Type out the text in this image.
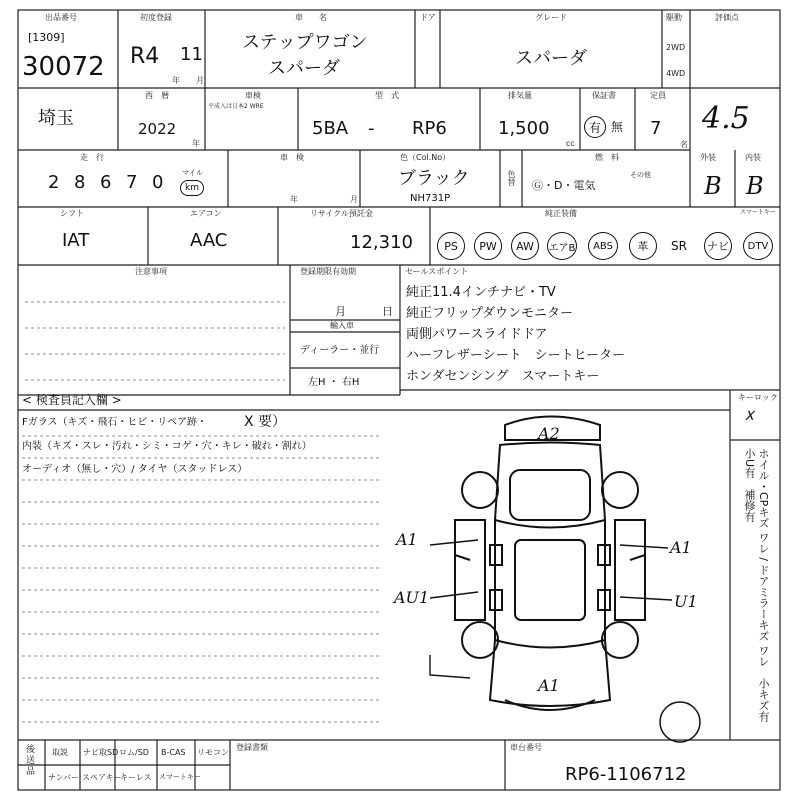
出品番号
[1309]
30072
初度登録
R4 11
年 月
車　　名
ステップワゴン
スパーダ
ドア	グレード
スパーダ
駆動
2WD
4WD
評価点
4.5
埼玉
西　暦
2022
年
車検
平成入は日本2 WRE
型　式
5BA - RP6
排気量
1,500
cc
保証書
有 無
定員
7
名
走　行
2 8 6 7 0	マイル
km
車　検
年	月
色（Col.No）
ブラック
NH731P
色替
燃　料
Ⓖ・D・電気
その他
外装
B
内装
B
シフト
IAT
エアコン
AAC
リサイクル預託金
12,310
純正装備	スマートキー
PS	PW	AW	エアB	ABS	革	SR ナビ	DTV
注意事項	登録期限有効期
月	日
輸入車
ディーラー・並行
左H ・ 右H
セールスポイント
純正11.4インチナビ・TV
純正フリップダウンモニター
両側パワースライドドア
ハーフレザーシート　シートヒーター
ホンダセンシング　スマートキー
< 検査員記入欄 >
Fガラス（キズ・飛石・ヒビ・リペア跡・	X 要）
内装（キズ・スレ・汚れ・シミ・コゲ・穴・キレ・破れ・割れ）
オーディオ（無し・穴）/ タイヤ（スタッドレス）
A2
A1	A1
AU1	U1
A1
キーロック
ᕁ
ホイル・CPキズ ワレ / ドアミラーキズ ワレ　小キズ有　小U有　補修有
後送品 取説 ナビ取SD ロム/SD B-CAS リモコン
ナンバー スペアキー
キーレス スマートキー
登録書類	車台番号
RP6-1106712
